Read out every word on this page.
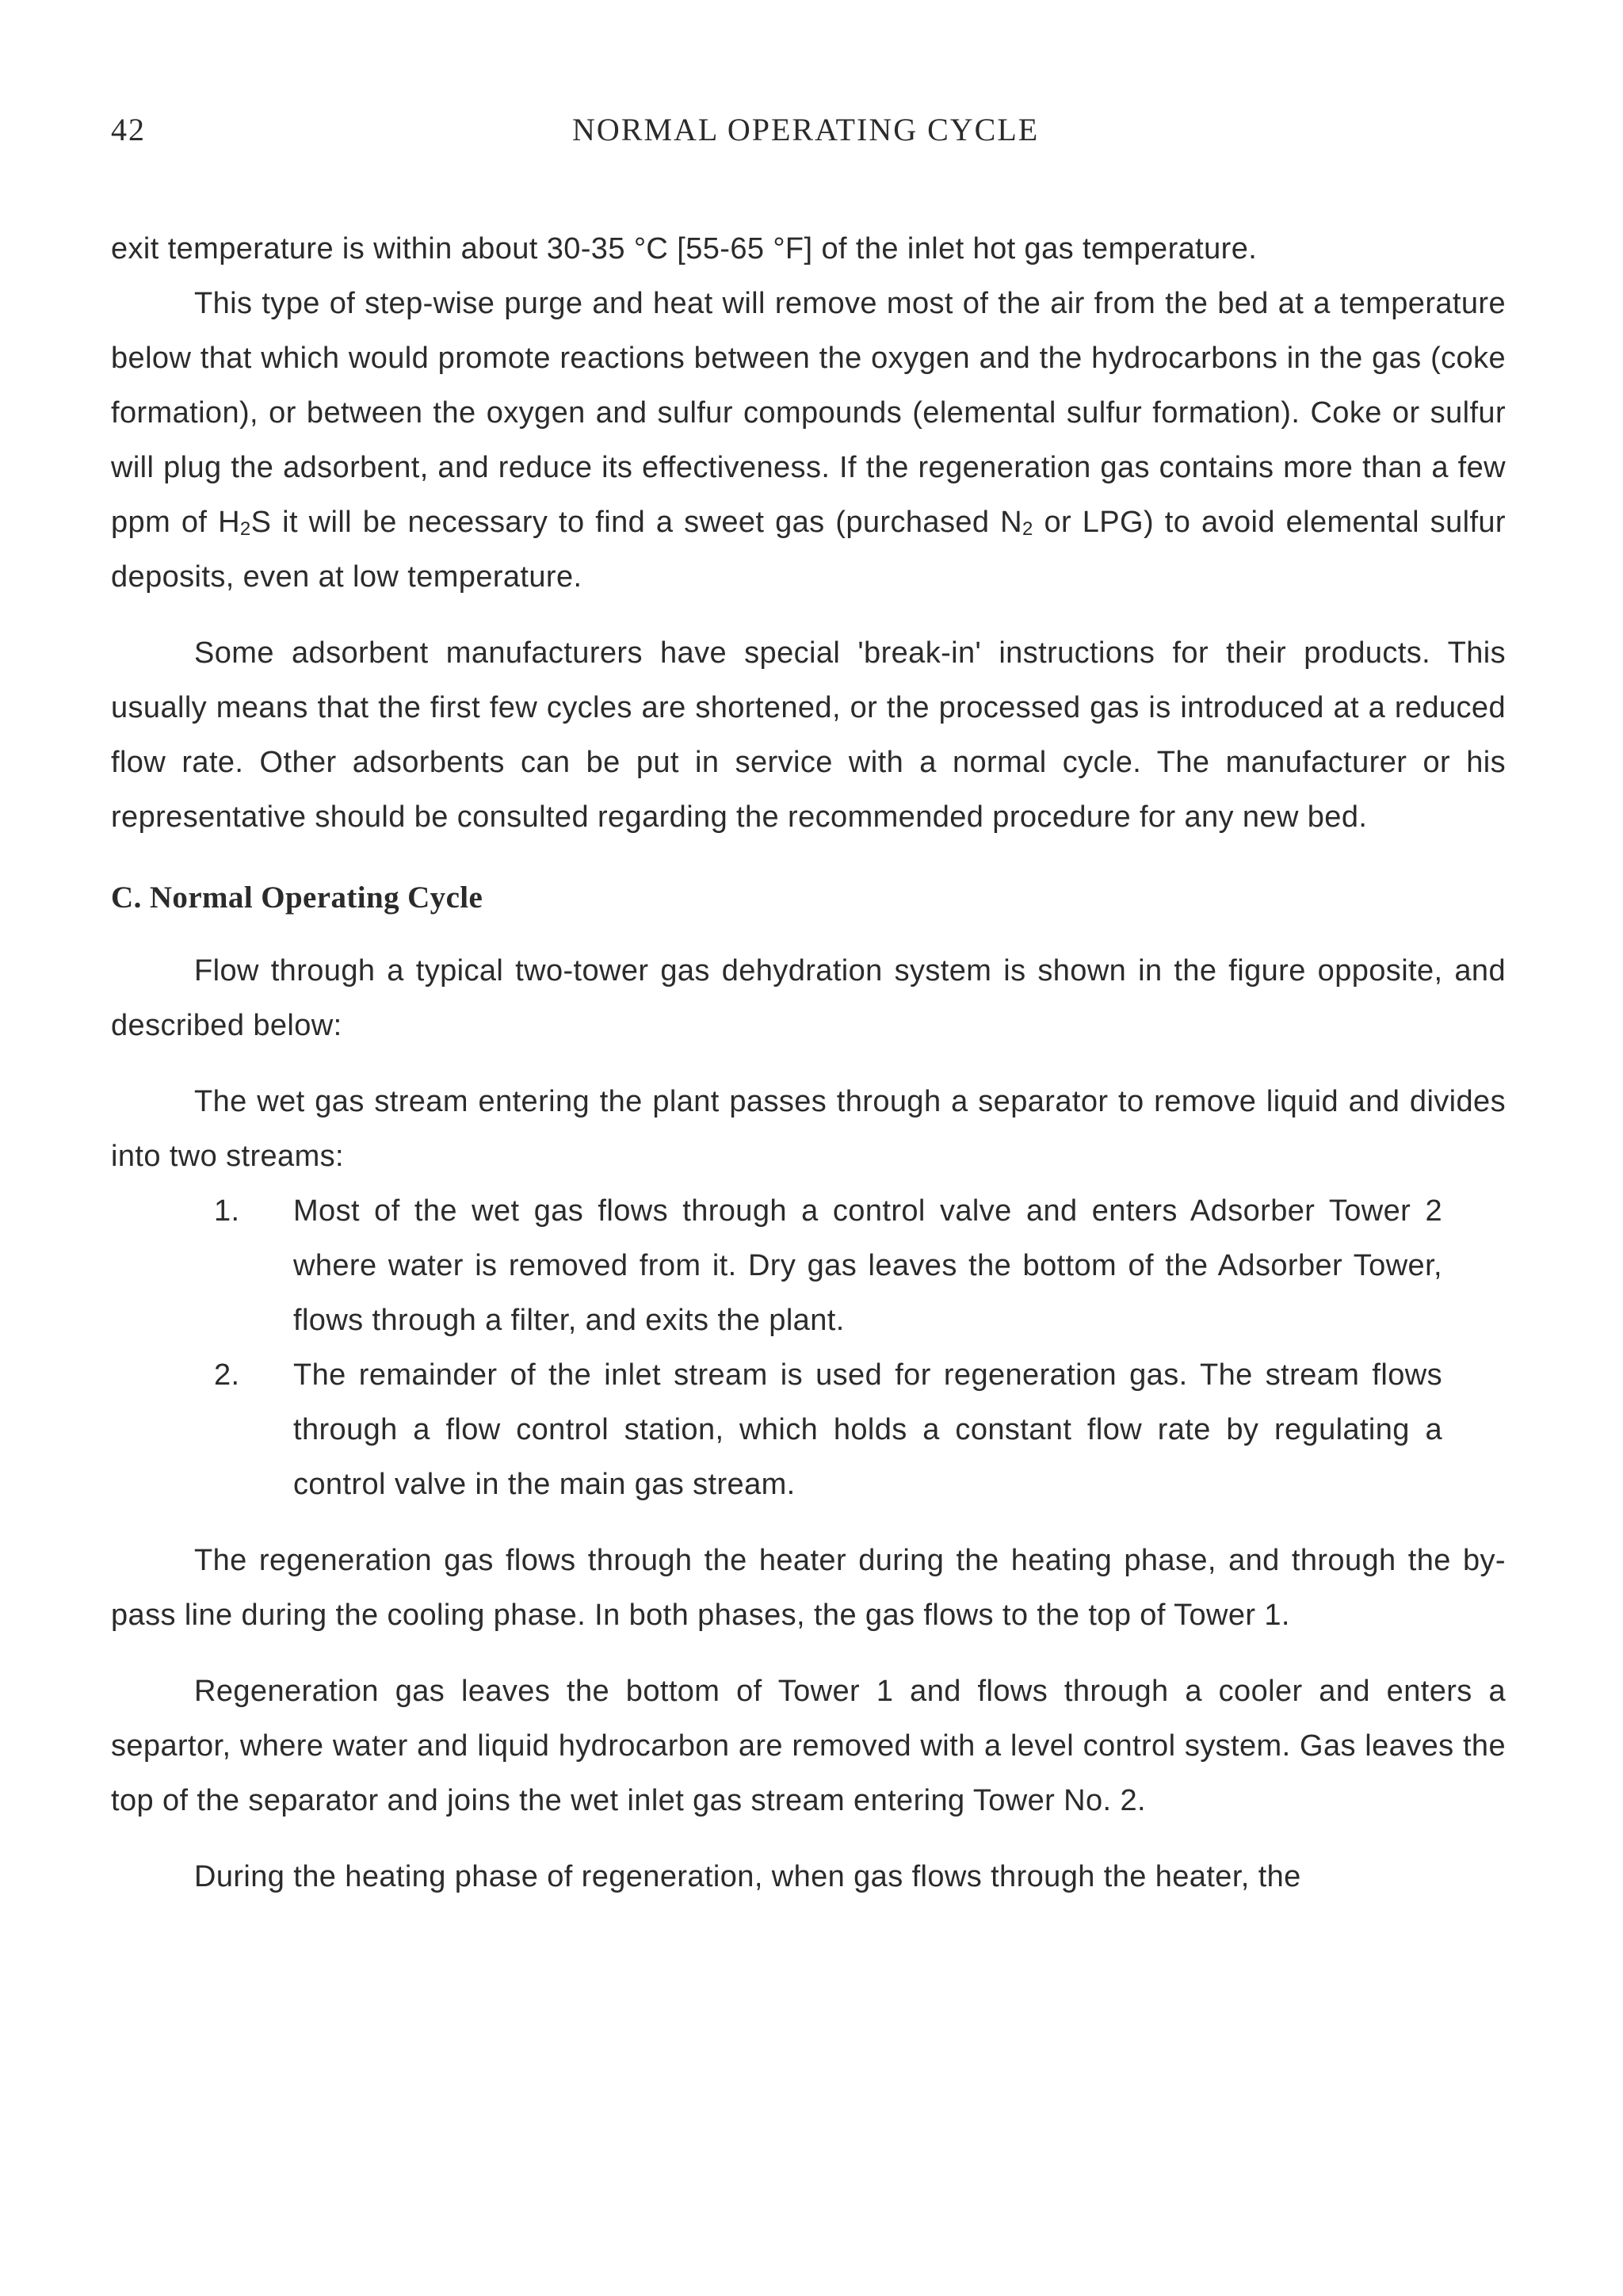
42	NORMAL OPERATING CYCLE

exit temperature is within about 30-35 °C [55-65 °F] of the inlet hot gas temperature.

This type of step-wise purge and heat will remove most of the air from the bed at a temperature below that which would promote reactions between the oxygen and the hydrocarbons in the gas (coke formation), or between the oxygen and sulfur compounds (elemental sulfur formation). Coke or sulfur will plug the adsorbent, and reduce its effectiveness. If the regeneration gas contains more than a few ppm of $H_2S$ it will be necessary to find a sweet gas (purchased $N_2$ or LPG) to avoid elemental sulfur deposits, even at low temperature.

Some adsorbent manufacturers have special 'break-in' instructions for their products. This usually means that the first few cycles are shortened, or the processed gas is introduced at a reduced flow rate. Other adsorbents can be put in service with a normal cycle. The manufacturer or his representative should be consulted regarding the recommended procedure for any new bed.

C. Normal Operating Cycle

Flow through a typical two-tower gas dehydration system is shown in the figure opposite, and described below:

The wet gas stream entering the plant passes through a separator to remove liquid and divides into two streams:

1.	Most of the wet gas flows through a control valve and enters Adsorber Tower 2 where water is removed from it. Dry gas leaves the bottom of the Adsorber Tower, flows through a filter, and exits the plant.
2.	The remainder of the inlet stream is used for regeneration gas. The stream flows through a flow control station, which holds a constant flow rate by regulating a control valve in the main gas stream.

The regeneration gas flows through the heater during the heating phase, and through the by-pass line during the cooling phase. In both phases, the gas flows to the top of Tower 1.

Regeneration gas leaves the bottom of Tower 1 and flows through a cooler and enters a separtor, where water and liquid hydrocarbon are removed with a level control system. Gas leaves the top of the separator and joins the wet inlet gas stream entering Tower No. 2.

During the heating phase of regeneration, when gas flows through the heater, the
